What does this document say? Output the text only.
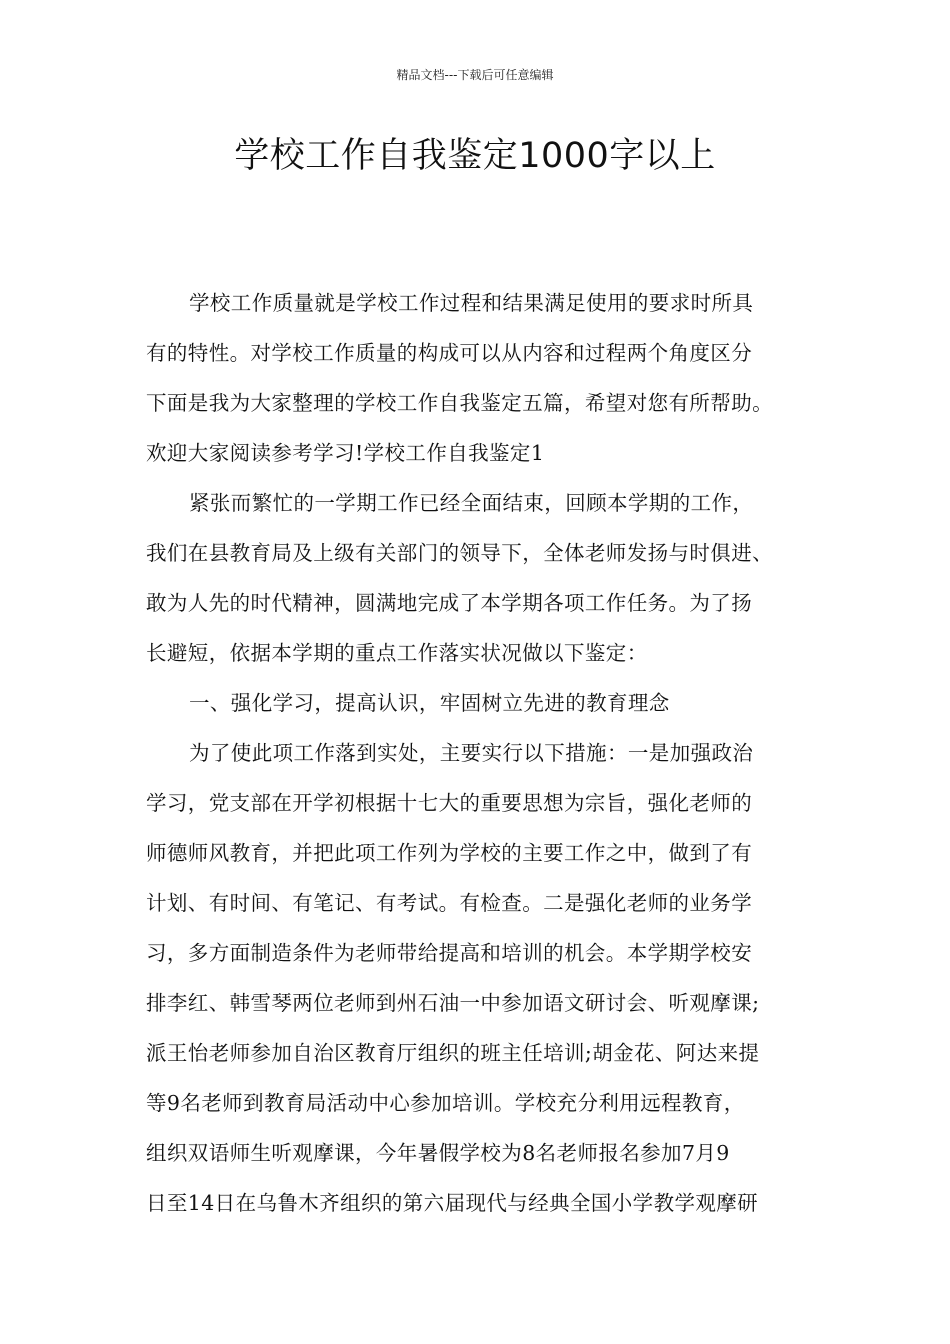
精品文档---下载后可任意编辑
学校工作自我鉴定1000字以上
学校工作质量就是学校工作过程和结果满足使用的要求时所具
有的特性。对学校工作质量的构成可以从内容和过程两个角度区分
下面是我为大家整理的学校工作自我鉴定五篇，希望对您有所帮助。
欢迎大家阅读参考学习!学校工作自我鉴定1
紧张而繁忙的一学期工作已经全面结束，回顾本学期的工作，
我们在县教育局及上级有关部门的领导下，全体老师发扬与时俱进、
敢为人先的时代精神，圆满地完成了本学期各项工作任务。为了扬
长避短，依据本学期的重点工作落实状况做以下鉴定：
一、强化学习，提高认识，牢固树立先进的教育理念
为了使此项工作落到实处，主要实行以下措施：一是加强政治
学习，党支部在开学初根据十七大的重要思想为宗旨，强化老师的
师德师风教育，并把此项工作列为学校的主要工作之中，做到了有
计划、有时间、有笔记、有考试。有检查。二是强化老师的业务学
习，多方面制造条件为老师带给提高和培训的机会。本学期学校安
排李红、韩雪琴两位老师到州石油一中参加语文研讨会、听观摩课;
派王怡老师参加自治区教育厅组织的班主任培训;胡金花、阿达来提
等9名老师到教育局活动中心参加培训。学校充分利用远程教育，
组织双语师生听观摩课，今年暑假学校为8名老师报名参加7月9
日至14日在乌鲁木齐组织的第六届现代与经典全国小学教学观摩研
